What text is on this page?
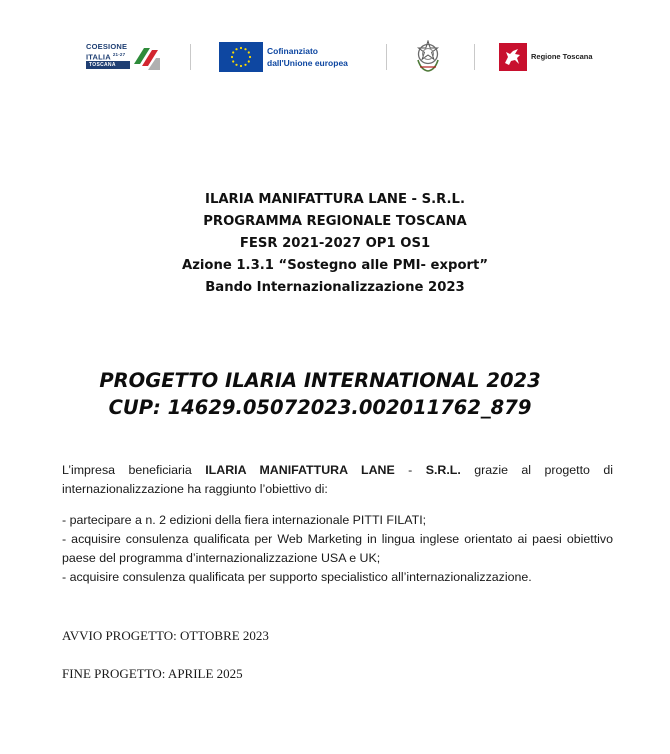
COESIONE
ITALIA $^{21-27}$
TOSCANA
Cofinanziato
dall'Unione europea
Regione Toscana
ILARIA MANIFATTURA LANE - S.R.L.
PROGRAMMA REGIONALE TOSCANA
FESR 2021-2027 OP1 OS1
Azione 1.3.1 “Sostegno alle PMI- export”
Bando Internazionalizzazione 2023
PROGETTO ILARIA INTERNATIONAL 2023
CUP: 14629.05072023.002011762_879
L’impresa beneficiaria ILARIA MANIFATTURA LANE - S.R.L. grazie al progetto di internazionalizzazione ha raggiunto l’obiettivo di:
- partecipare a n. 2 edizioni della fiera internazionale PITTI FILATI;
- acquisire consulenza qualificata per Web Marketing in lingua inglese orientato ai paesi obiettivo paese del programma d’internazionalizzazione USA e UK;
- acquisire consulenza qualificata per supporto specialistico all’internazionalizzazione.
AVVIO PROGETTO: OTTOBRE 2023
FINE PROGETTO: APRILE 2025
